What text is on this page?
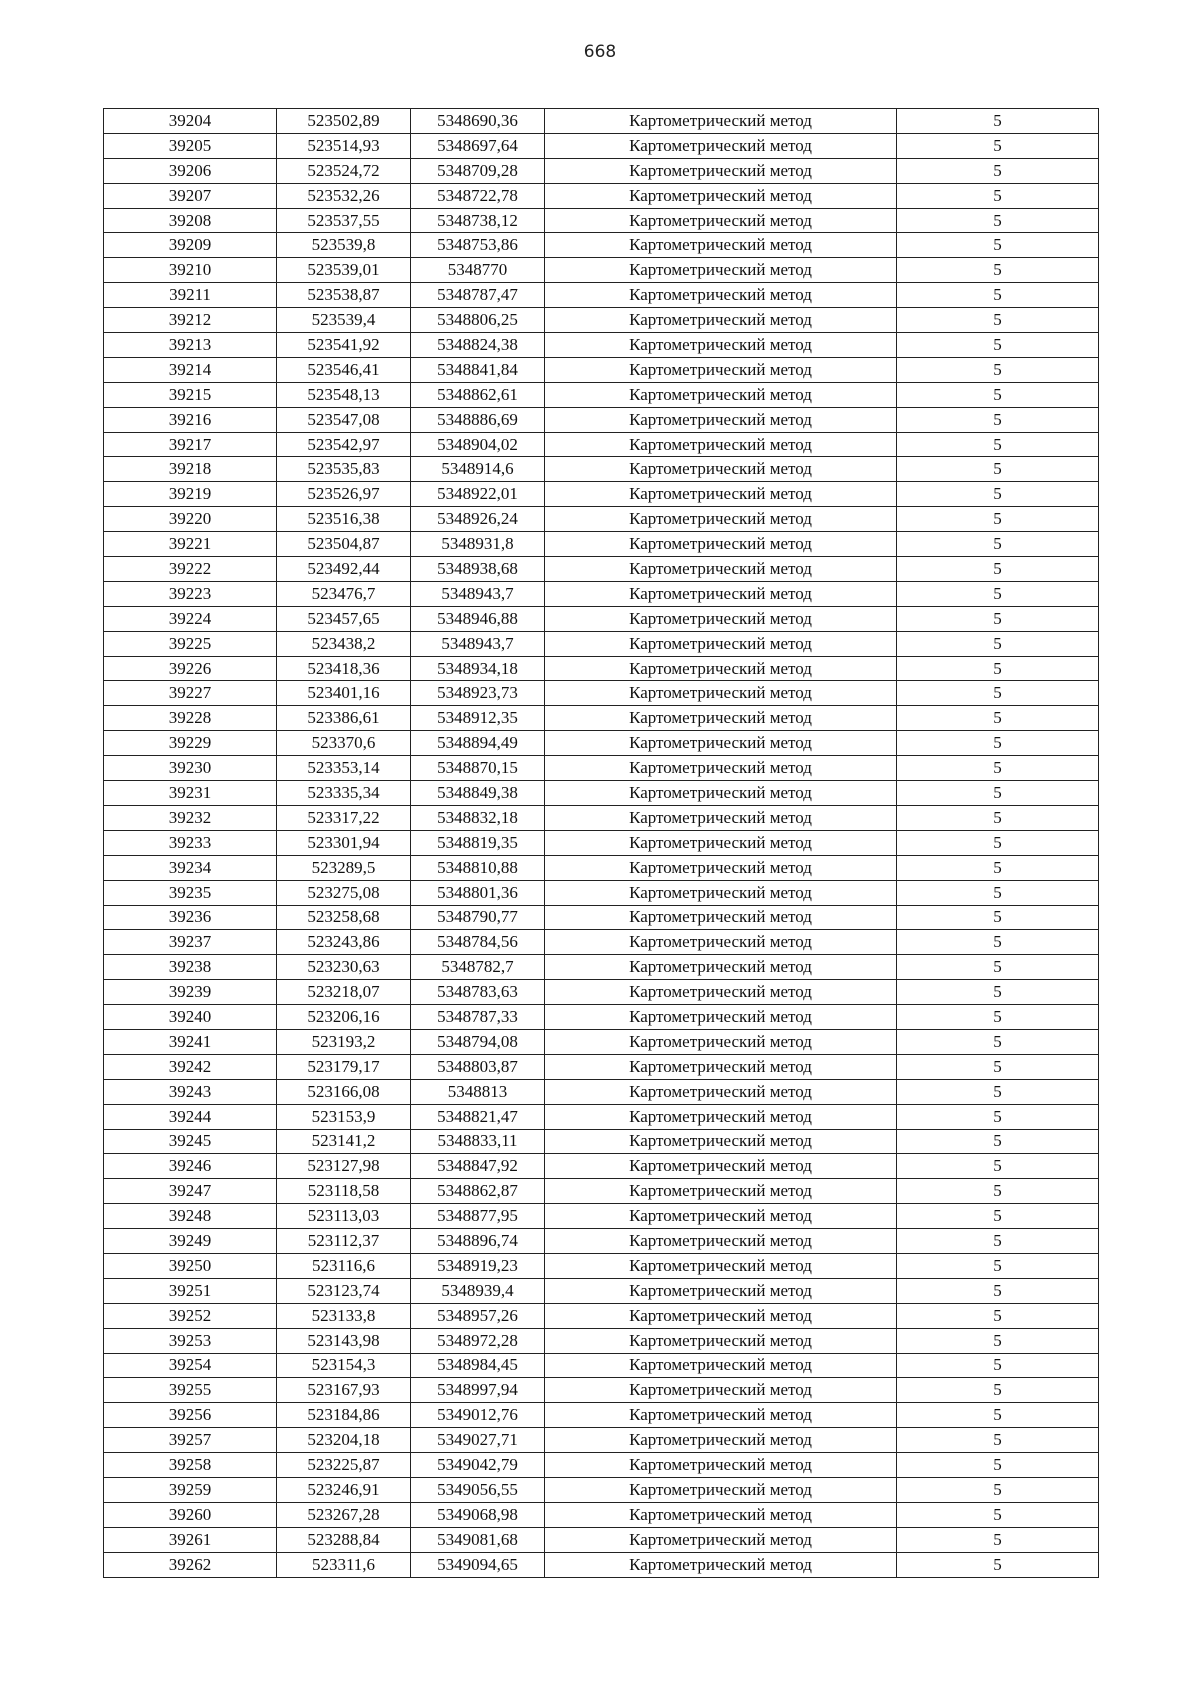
668
39204	523502,89	5348690,36	Картометрический метод	5
39205	523514,93	5348697,64	Картометрический метод	5
39206	523524,72	5348709,28	Картометрический метод	5
39207	523532,26	5348722,78	Картометрический метод	5
39208	523537,55	5348738,12	Картометрический метод	5
39209	523539,8	5348753,86	Картометрический метод	5
39210	523539,01	5348770	Картометрический метод	5
39211	523538,87	5348787,47	Картометрический метод	5
39212	523539,4	5348806,25	Картометрический метод	5
39213	523541,92	5348824,38	Картометрический метод	5
39214	523546,41	5348841,84	Картометрический метод	5
39215	523548,13	5348862,61	Картометрический метод	5
39216	523547,08	5348886,69	Картометрический метод	5
39217	523542,97	5348904,02	Картометрический метод	5
39218	523535,83	5348914,6	Картометрический метод	5
39219	523526,97	5348922,01	Картометрический метод	5
39220	523516,38	5348926,24	Картометрический метод	5
39221	523504,87	5348931,8	Картометрический метод	5
39222	523492,44	5348938,68	Картометрический метод	5
39223	523476,7	5348943,7	Картометрический метод	5
39224	523457,65	5348946,88	Картометрический метод	5
39225	523438,2	5348943,7	Картометрический метод	5
39226	523418,36	5348934,18	Картометрический метод	5
39227	523401,16	5348923,73	Картометрический метод	5
39228	523386,61	5348912,35	Картометрический метод	5
39229	523370,6	5348894,49	Картометрический метод	5
39230	523353,14	5348870,15	Картометрический метод	5
39231	523335,34	5348849,38	Картометрический метод	5
39232	523317,22	5348832,18	Картометрический метод	5
39233	523301,94	5348819,35	Картометрический метод	5
39234	523289,5	5348810,88	Картометрический метод	5
39235	523275,08	5348801,36	Картометрический метод	5
39236	523258,68	5348790,77	Картометрический метод	5
39237	523243,86	5348784,56	Картометрический метод	5
39238	523230,63	5348782,7	Картометрический метод	5
39239	523218,07	5348783,63	Картометрический метод	5
39240	523206,16	5348787,33	Картометрический метод	5
39241	523193,2	5348794,08	Картометрический метод	5
39242	523179,17	5348803,87	Картометрический метод	5
39243	523166,08	5348813	Картометрический метод	5
39244	523153,9	5348821,47	Картометрический метод	5
39245	523141,2	5348833,11	Картометрический метод	5
39246	523127,98	5348847,92	Картометрический метод	5
39247	523118,58	5348862,87	Картометрический метод	5
39248	523113,03	5348877,95	Картометрический метод	5
39249	523112,37	5348896,74	Картометрический метод	5
39250	523116,6	5348919,23	Картометрический метод	5
39251	523123,74	5348939,4	Картометрический метод	5
39252	523133,8	5348957,26	Картометрический метод	5
39253	523143,98	5348972,28	Картометрический метод	5
39254	523154,3	5348984,45	Картометрический метод	5
39255	523167,93	5348997,94	Картометрический метод	5
39256	523184,86	5349012,76	Картометрический метод	5
39257	523204,18	5349027,71	Картометрический метод	5
39258	523225,87	5349042,79	Картометрический метод	5
39259	523246,91	5349056,55	Картометрический метод	5
39260	523267,28	5349068,98	Картометрический метод	5
39261	523288,84	5349081,68	Картометрический метод	5
39262	523311,6	5349094,65	Картометрический метод	5
